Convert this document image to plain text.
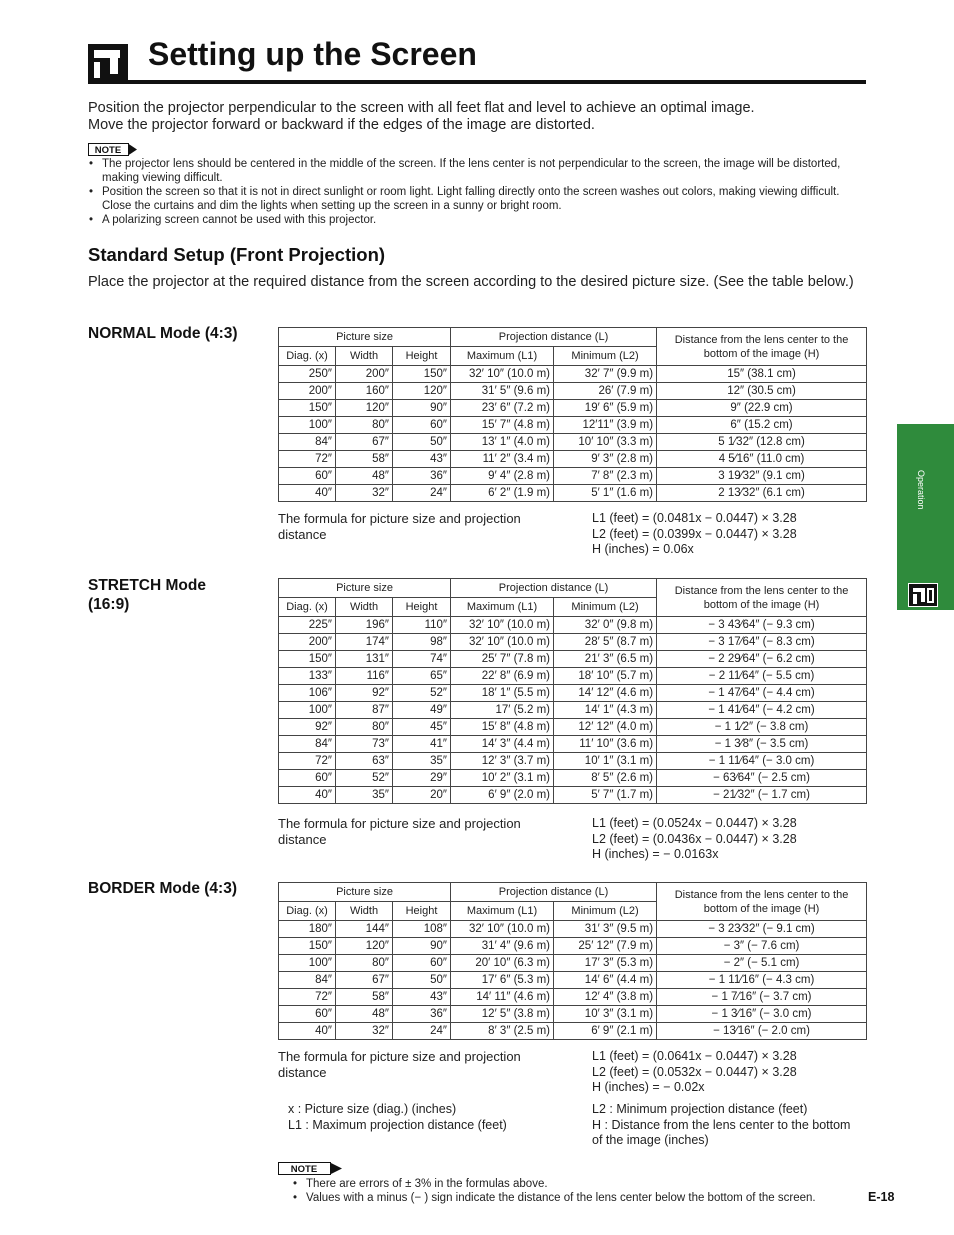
Setting up the Screen
Position the projector perpendicular to the screen with all feet flat and level to achieve an optimal image.
Move the projector forward or backward if the edges of the image are distorted.
NOTE
• The projector lens should be centered in the middle of the screen. If the lens center is not perpendicular to the screen, the image will be distorted, making viewing difficult.
• Position the screen so that it is not in direct sunlight or room light. Light falling directly onto the screen washes out colors, making viewing difficult. Close the curtains and dim the lights when setting up the screen in a sunny or bright room.
• A polarizing screen cannot be used with this projector.
Standard Setup (Front Projection)
Place the projector at the required distance from the screen according to the desired picture size. (See the table below.)
NORMAL Mode (4:3)	Picture size			Projection distance (L)		Distance from the lens center to the bottom of the image (H)
Diag. (x)	Width	Height	Maximum (L1)	Minimum (L2)	
250″	200″	150″	32′ 10″ (10.0 m)	32′ 7″ (9.9 m)	15″ (38.1 cm)
200″	160″	120″	31′ 5″ (9.6 m)	26′ (7.9 m)	12″ (30.5 cm)
150″	120″	90″	23′ 6″ (7.2 m)	19′ 6″ (5.9 m)	9″ (22.9 cm)
100″	80″	60″	15′ 7″ (4.8 m)	12′11″ (3.9 m)	6″ (15.2 cm)
84″	67″	50″	13′ 1″ (4.0 m)	10′ 10″ (3.3 m)	5 1⁄32″ (12.8 cm)
72″	58″	43″	11′ 2″ (3.4 m)	9′ 3″ (2.8 m)	4 5⁄16″ (11.0 cm)
60″	48″	36″	9′ 4″ (2.8 m)	7′ 8″ (2.3 m)	3 19⁄32″ (9.1 cm)
40″	32″	24″	6′ 2″ (1.9 m)	5′ 1″ (1.6 m)	2 13⁄32″ (6.1 cm)
The formula for picture size and projection distance
L1 (feet) = (0.0481x − 0.0447) × 3.28
L2 (feet) = (0.0399x − 0.0447) × 3.28
H (inches) = 0.06x
STRETCH Mode (16:9)
Picture size			Projection distance (L)		Distance from the lens center to the bottom of the image (H)
Diag. (x)	Width	Height	Maximum (L1)	Minimum (L2)	
225″	196″	110″	32′ 10″ (10.0 m)	32′ 0″ (9.8 m)	− 3 43⁄64″ (− 9.3 cm)
200″	174″	98″	32′ 10″ (10.0 m)	28′ 5″ (8.7 m)	− 3 17⁄64″ (− 8.3 cm)
150″	131″	74″	25′ 7″ (7.8 m)	21′ 3″ (6.5 m)	− 2 29⁄64″ (− 6.2 cm)
133″	116″	65″	22′ 8″ (6.9 m)	18′ 10″ (5.7 m)	− 2 11⁄64″ (− 5.5 cm)
106″	92″	52″	18′ 1″ (5.5 m)	14′ 12″ (4.6 m)	− 1 47⁄64″ (− 4.4 cm)
100″	87″	49″	17′ (5.2 m)	14′ 1″ (4.3 m)	− 1 41⁄64″ (− 4.2 cm)
92″	80″	45″	15′ 8″ (4.8 m)	12′ 12″ (4.0 m)	− 1 1⁄2″ (− 3.8 cm)
84″	73″	41″	14′ 3″ (4.4 m)	11′ 10″ (3.6 m)	− 1 3⁄8″ (− 3.5 cm)
72″	63″	35″	12′ 3″ (3.7 m)	10′ 1″ (3.1 m)	− 1 11⁄64″ (− 3.0 cm)
60″	52″	29″	10′ 2″ (3.1 m)	8′ 5″ (2.6 m)	− 63⁄64″ (− 2.5 cm)
40″	35″	20″	6′ 9″ (2.0 m)	5′ 7″ (1.7 m)	− 21⁄32″ (− 1.7 cm)
The formula for picture size and projection distance
L1 (feet) = (0.0524x − 0.0447) × 3.28
L2 (feet) = (0.0436x − 0.0447) × 3.28
H (inches) = − 0.0163x
BORDER Mode (4:3)	Picture size			Projection distance (L)		Distance from the lens center to the bottom of the image (H)
Diag. (x)	Width	Height	Maximum (L1)	Minimum (L2)	
180″	144″	108″	32′ 10″ (10.0 m)	31′ 3″ (9.5 m)	− 3 23⁄32″ (− 9.1 cm)
150″	120″	90″	31′ 4″ (9.6 m)	25′ 12″ (7.9 m)	− 3″ (− 7.6 cm)
100″	80″	60″	20′ 10″ (6.3 m)	17′ 3″ (5.3 m)	− 2″ (− 5.1 cm)
84″	67″	50″	17′ 6″ (5.3 m)	14′ 6″ (4.4 m)	− 1 11⁄16″ (− 4.3 cm)
72″	58″	43″	14′ 11″ (4.6 m)	12′ 4″ (3.8 m)	− 1 7⁄16″ (− 3.7 cm)
60″	48″	36″	12′ 5″ (3.8 m)	10′ 3″ (3.1 m)	− 1 3⁄16″ (− 3.0 cm)
40″	32″	24″	8′ 3″ (2.5 m)	6′ 9″ (2.1 m)	− 13⁄16″ (− 2.0 cm)
The formula for picture size and projection distance
L1 (feet) = (0.0641x − 0.0447) × 3.28
L2 (feet) = (0.0532x − 0.0447) × 3.28
H (inches) = − 0.02x
x : Picture size (diag.) (inches)
L1 : Maximum projection distance (feet)
L2 : Minimum projection distance (feet)
H : Distance from the lens center to the bottom of the image (inches)
NOTE
• There are errors of ± 3% in the formulas above.
• Values with a minus (− ) sign indicate the distance of the lens center below the bottom of the screen.
Operation
E-18
